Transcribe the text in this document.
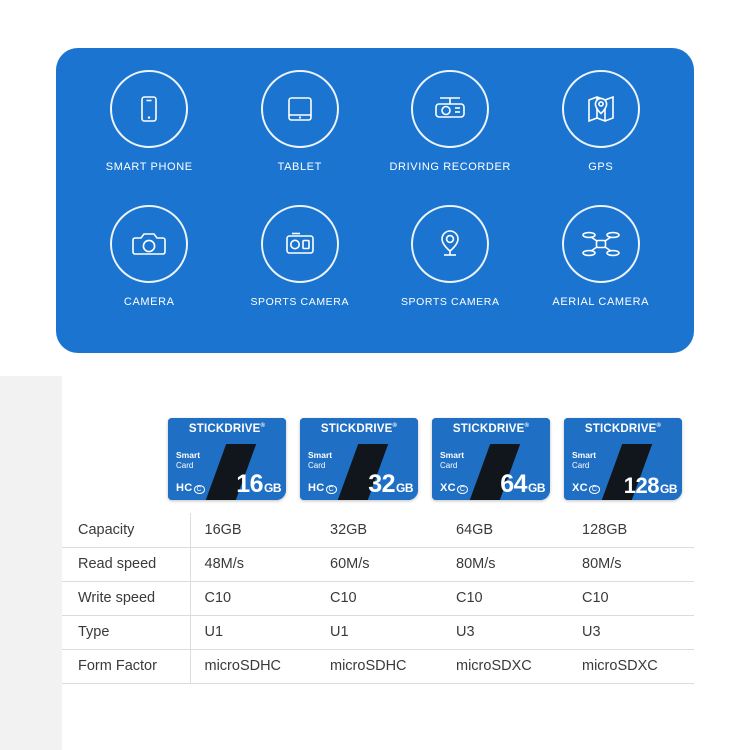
SMART PHONE	TABLET	DRIVING RECORDER	GPS
CAMERA	SPORTS CAMERA	SPORTS CAMERA	AERIAL CAMERA
STICKDRIVE®
Smart
Card
HC C 16GB
STICKDRIVE®
Smart
Card
HC C 32GB
STICKDRIVE®
Smart
Card
XC C 64GB
STICKDRIVE®
Smart
Card
XC C 128GB
Capacity	16GB	32GB	64GB	128GB
Read speed	48M/s	60M/s	80M/s	80M/s
Write speed	C10	C10	C10	C10
Type	U1	U1	U3	U3
Form Factor	microSDHC	microSDHC	microSDXC	microSDXC
